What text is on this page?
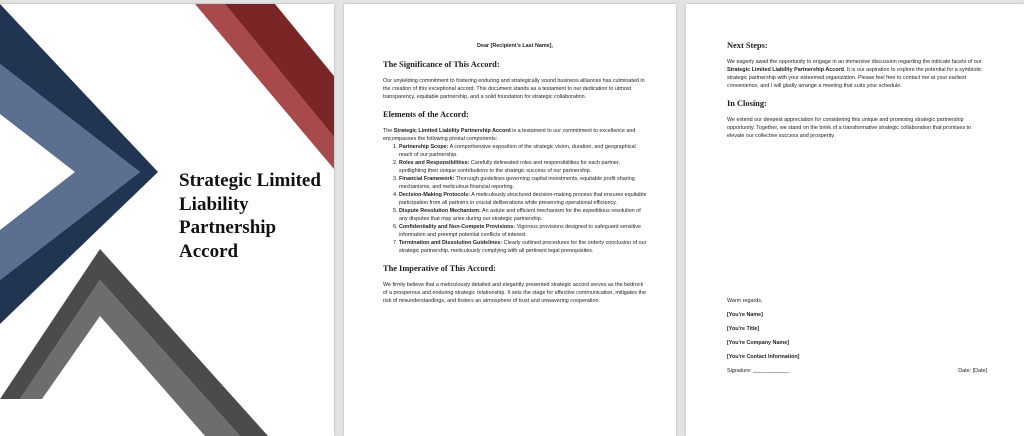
Strategic Limited
Liability
Partnership
Accord

Dear [Recipient's Last Name],

The Significance of This Accord:

Our unyielding commitment to fostering enduring and strategically sound business alliances has culminated in the creation of this exceptional accord. This document stands as a testament to our dedication to utmost transparency, equitable partnership, and a solid foundation for strategic collaboration.

Elements of the Accord:

The Strategic Limited Liability Partnership Accord is a testament to our commitment to excellence and encompasses the following pivotal components:

1. Partnership Scope: A comprehensive exposition of the strategic vision, duration, and geographical reach of our partnership.
2. Roles and Responsibilities: Carefully delineated roles and responsibilities for each partner, spotlighting their unique contributions to the strategic success of our partnership.
3. Financial Framework: Thorough guidelines governing capital investments, equitable profit sharing mechanisms, and meticulous financial reporting.
4. Decision-Making Protocols: A meticulously structured decision-making process that ensures equitable participation from all partners in crucial deliberations while preserving operational efficiency.
5. Dispute Resolution Mechanism: An astute and efficient mechanism for the expeditious resolution of any disputes that may arise during our strategic partnership.
6. Confidentiality and Non-Compete Provisions: Vigorous provisions designed to safeguard sensitive information and preempt potential conflicts of interest.
7. Termination and Dissolution Guidelines: Clearly outlined procedures for the orderly conclusion of our strategic partnership, meticulously complying with all pertinent legal prerequisites.
The Imperative of This Accord:

We firmly believe that a meticulously detailed and elegantly presented strategic accord serves as the bedrock of a prosperous and enduring strategic relationship. It sets the stage for effective communication, mitigates the risk of misunderstandings, and fosters an atmosphere of trust and unwavering cooperation.

Next Steps:

We eagerly await the opportunity to engage in an immersive discussion regarding the intricate facets of our Strategic Limited Liability Partnership Accord. It is our aspiration to explore the potential for a symbiotic strategic partnership with your esteemed organization. Please feel free to contact me at your earliest convenience, and I will gladly arrange a meeting that suits your schedule.

In Closing:

We extend our deepest appreciation for considering this unique and promising strategic partnership opportunity. Together, we stand on the brink of a transformative strategic collaboration that promises to elevate our collective success and prosperity.

Warm regards,
[You're Name]
[You're Title]
[You're Company Name]
[You're Contact Information]
Signature: ____________	Date: [Date]
